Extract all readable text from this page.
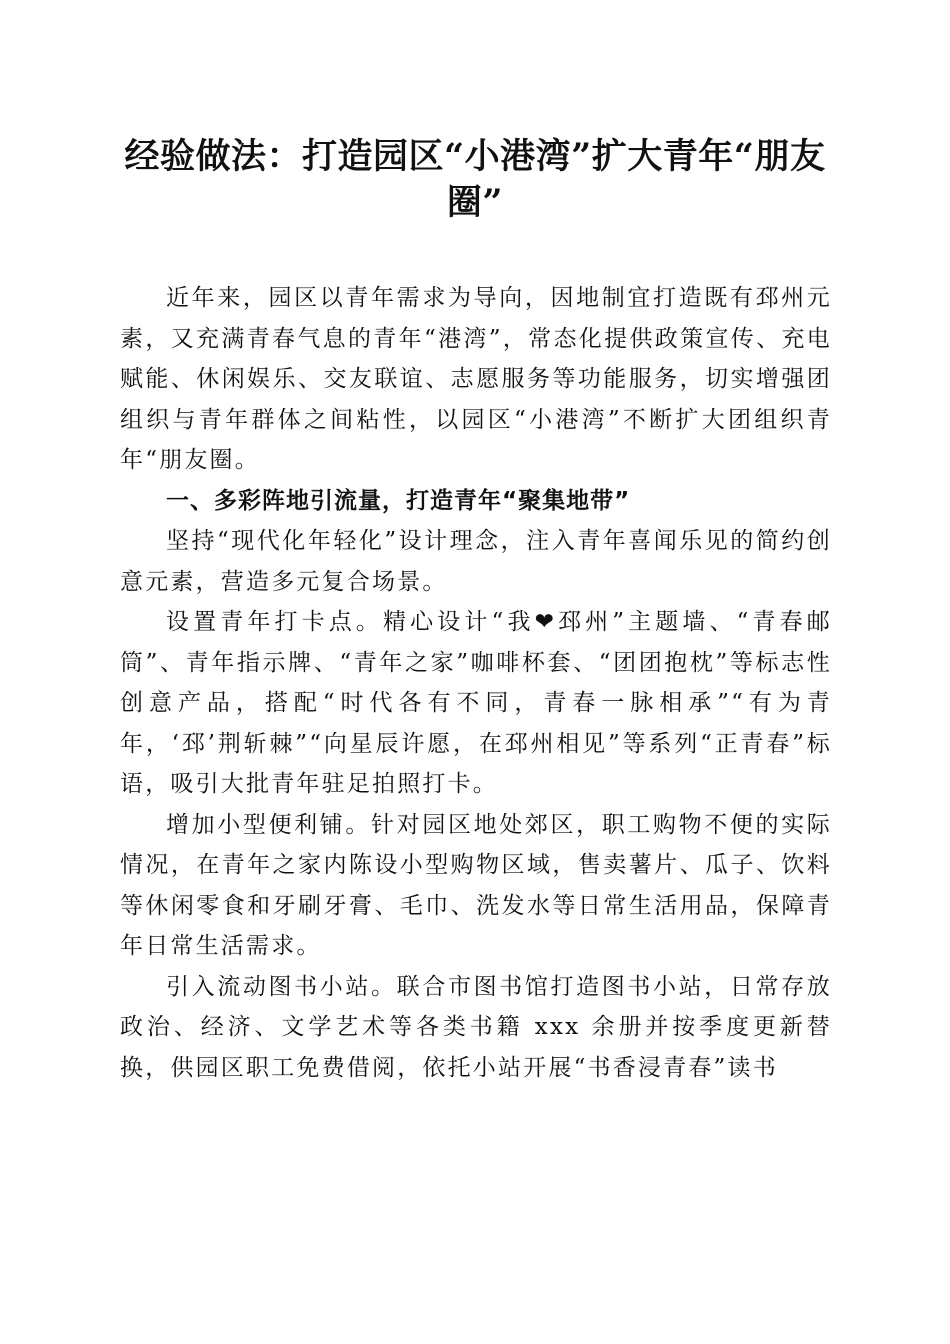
经验做法：打造园区“小港湾”扩大青年“朋友圈”

近年来，园区以青年需求为导向，因地制宜打造既有邳州元素，又充满青春气息的青年“港湾”，常态化提供政策宣传、充电赋能、休闲娱乐、交友联谊、志愿服务等功能服务，切实增强团组织与青年群体之间粘性，以园区“小港湾”不断扩大团组织青年“朋友圈。

一、多彩阵地引流量，打造青年“聚集地带”

坚持“现代化年轻化”设计理念，注入青年喜闻乐见的简约创意元素，营造多元复合场景。

设置青年打卡点。精心设计“我❤邳州”主题墙、“青春邮筒”、青年指示牌、“青年之家”咖啡杯套、“团团抱枕”等标志性创意产品，搭配“时代各有不同，青春一脉相承”“有为青年，‘邳’荆斩棘”“向星辰许愿，在邳州相见”等系列“正青春”标语，吸引大批青年驻足拍照打卡。

增加小型便利铺。针对园区地处郊区，职工购物不便的实际情况，在青年之家内陈设小型购物区域，售卖薯片、瓜子、饮料等休闲零食和牙刷牙膏、毛巾、洗发水等日常生活用品，保障青年日常生活需求。

引入流动图书小站。联合市图书馆打造图书小站，日常存放政治、经济、文学艺术等各类书籍 xxx 余册并按季度更新替换，供园区职工免费借阅，依托小站开展“书香浸青春”读书
